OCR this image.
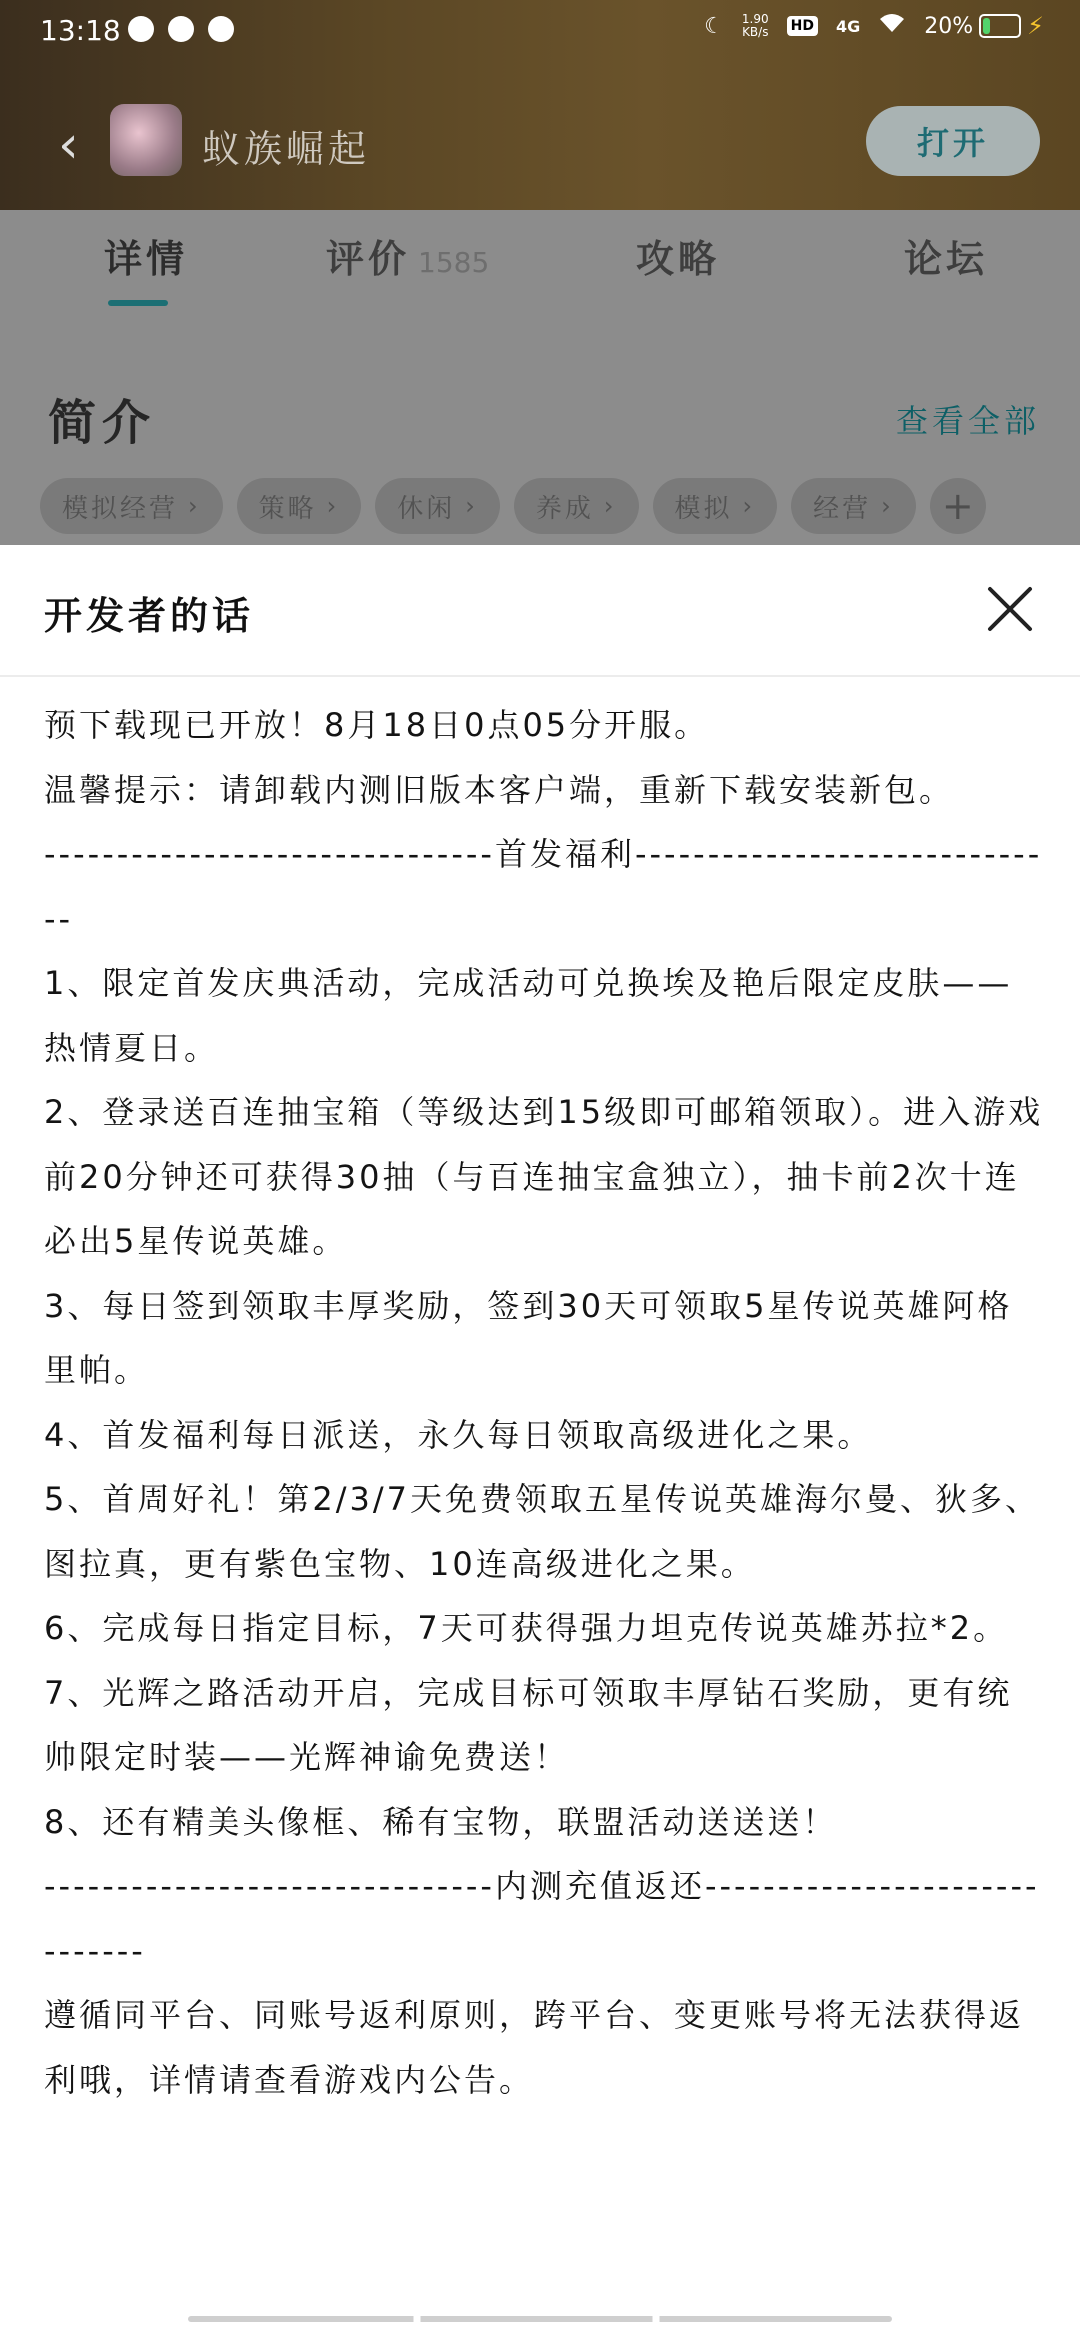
13:18	☾ 1.90
KB/s HD 4G	20% ⚡
‹	蚁族崛起	打开
详情	评价 1585	攻略	论坛
简介	查看全部
模拟经营 › 策略 › 休闲 › 养成 › 模拟 › 经营 ›	+
开发者的话
预下载现已开放！8月18日0点05分开服。
温馨提示：请卸载内测旧版本客户端，重新下载安装新包。
-------------------------------首发福利------------------------------
1、限定首发庆典活动，完成活动可兑换埃及艳后限定皮肤——热情夏日。
2、登录送百连抽宝箱（等级达到15级即可邮箱领取）。进入游戏前20分钟还可获得30抽（与百连抽宝盒独立），抽卡前2次十连必出5星传说英雄。
3、每日签到领取丰厚奖励，签到30天可领取5星传说英雄阿格里帕。
4、首发福利每日派送，永久每日领取高级进化之果。
5、首周好礼！第2/3/7天免费领取五星传说英雄海尔曼、狄多、图拉真，更有紫色宝物、10连高级进化之果。
6、完成每日指定目标，7天可获得强力坦克传说英雄苏拉*2。
7、光辉之路活动开启，完成目标可领取丰厚钻石奖励，更有统帅限定时装——光辉神谕免费送！
8、还有精美头像框、稀有宝物，联盟活动送送送！
-------------------------------内测充值返还------------------------------
遵循同平台、同账号返利原则，跨平台、变更账号将无法获得返利哦，详情请查看游戏内公告。
